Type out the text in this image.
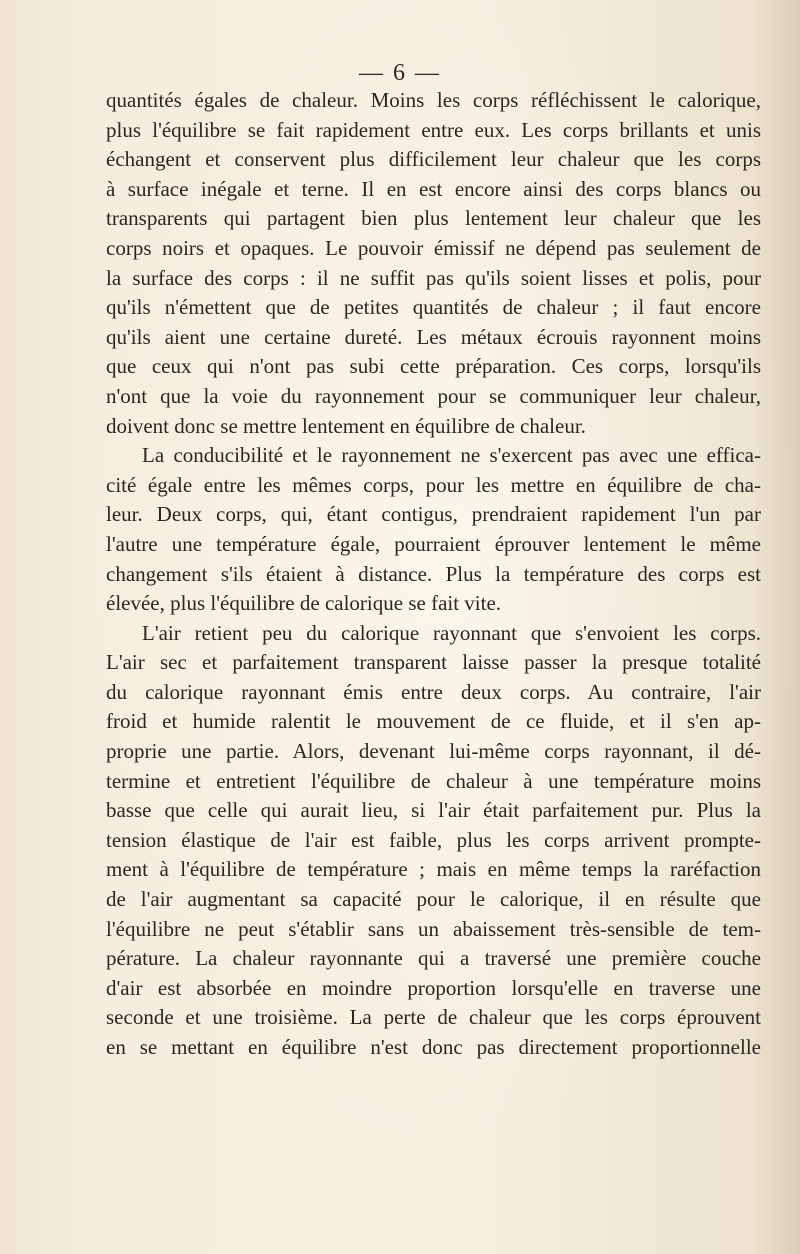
— 6 —
quantités égales de chaleur. Moins les corps réfléchissent le calorique,
plus l'équilibre se fait rapidement entre eux. Les corps brillants et unis
échangent et conservent plus difficilement leur chaleur que les corps
à surface inégale et terne. Il en est encore ainsi des corps blancs ou
transparents qui partagent bien plus lentement leur chaleur que les
corps noirs et opaques. Le pouvoir émissif ne dépend pas seulement de
la surface des corps : il ne suffit pas qu'ils soient lisses et polis, pour
qu'ils n'émettent que de petites quantités de chaleur ; il faut encore
qu'ils aient une certaine dureté. Les métaux écrouis rayonnent moins
que ceux qui n'ont pas subi cette préparation. Ces corps, lorsqu'ils
n'ont que la voie du rayonnement pour se communiquer leur chaleur,
doivent donc se mettre lentement en équilibre de chaleur.
La conducibilité et le rayonnement ne s'exercent pas avec une effica-
cité égale entre les mêmes corps, pour les mettre en équilibre de cha-
leur. Deux corps, qui, étant contigus, prendraient rapidement l'un par
l'autre une température égale, pourraient éprouver lentement le même
changement s'ils étaient à distance. Plus la température des corps est
élevée, plus l'équilibre de calorique se fait vite.
L'air retient peu du calorique rayonnant que s'envoient les corps.
L'air sec et parfaitement transparent laisse passer la presque totalité
du calorique rayonnant émis entre deux corps. Au contraire, l'air
froid et humide ralentit le mouvement de ce fluide, et il s'en ap-
proprie une partie. Alors, devenant lui-même corps rayonnant, il dé-
termine et entretient l'équilibre de chaleur à une température moins
basse que celle qui aurait lieu, si l'air était parfaitement pur. Plus la
tension élastique de l'air est faible, plus les corps arrivent prompte-
ment à l'équilibre de température ; mais en même temps la raréfaction
de l'air augmentant sa capacité pour le calorique, il en résulte que
l'équilibre ne peut s'établir sans un abaissement très-sensible de tem-
pérature. La chaleur rayonnante qui a traversé une première couche
d'air est absorbée en moindre proportion lorsqu'elle en traverse une
seconde et une troisième. La perte de chaleur que les corps éprouvent
en se mettant en équilibre n'est donc pas directement proportionnelle
